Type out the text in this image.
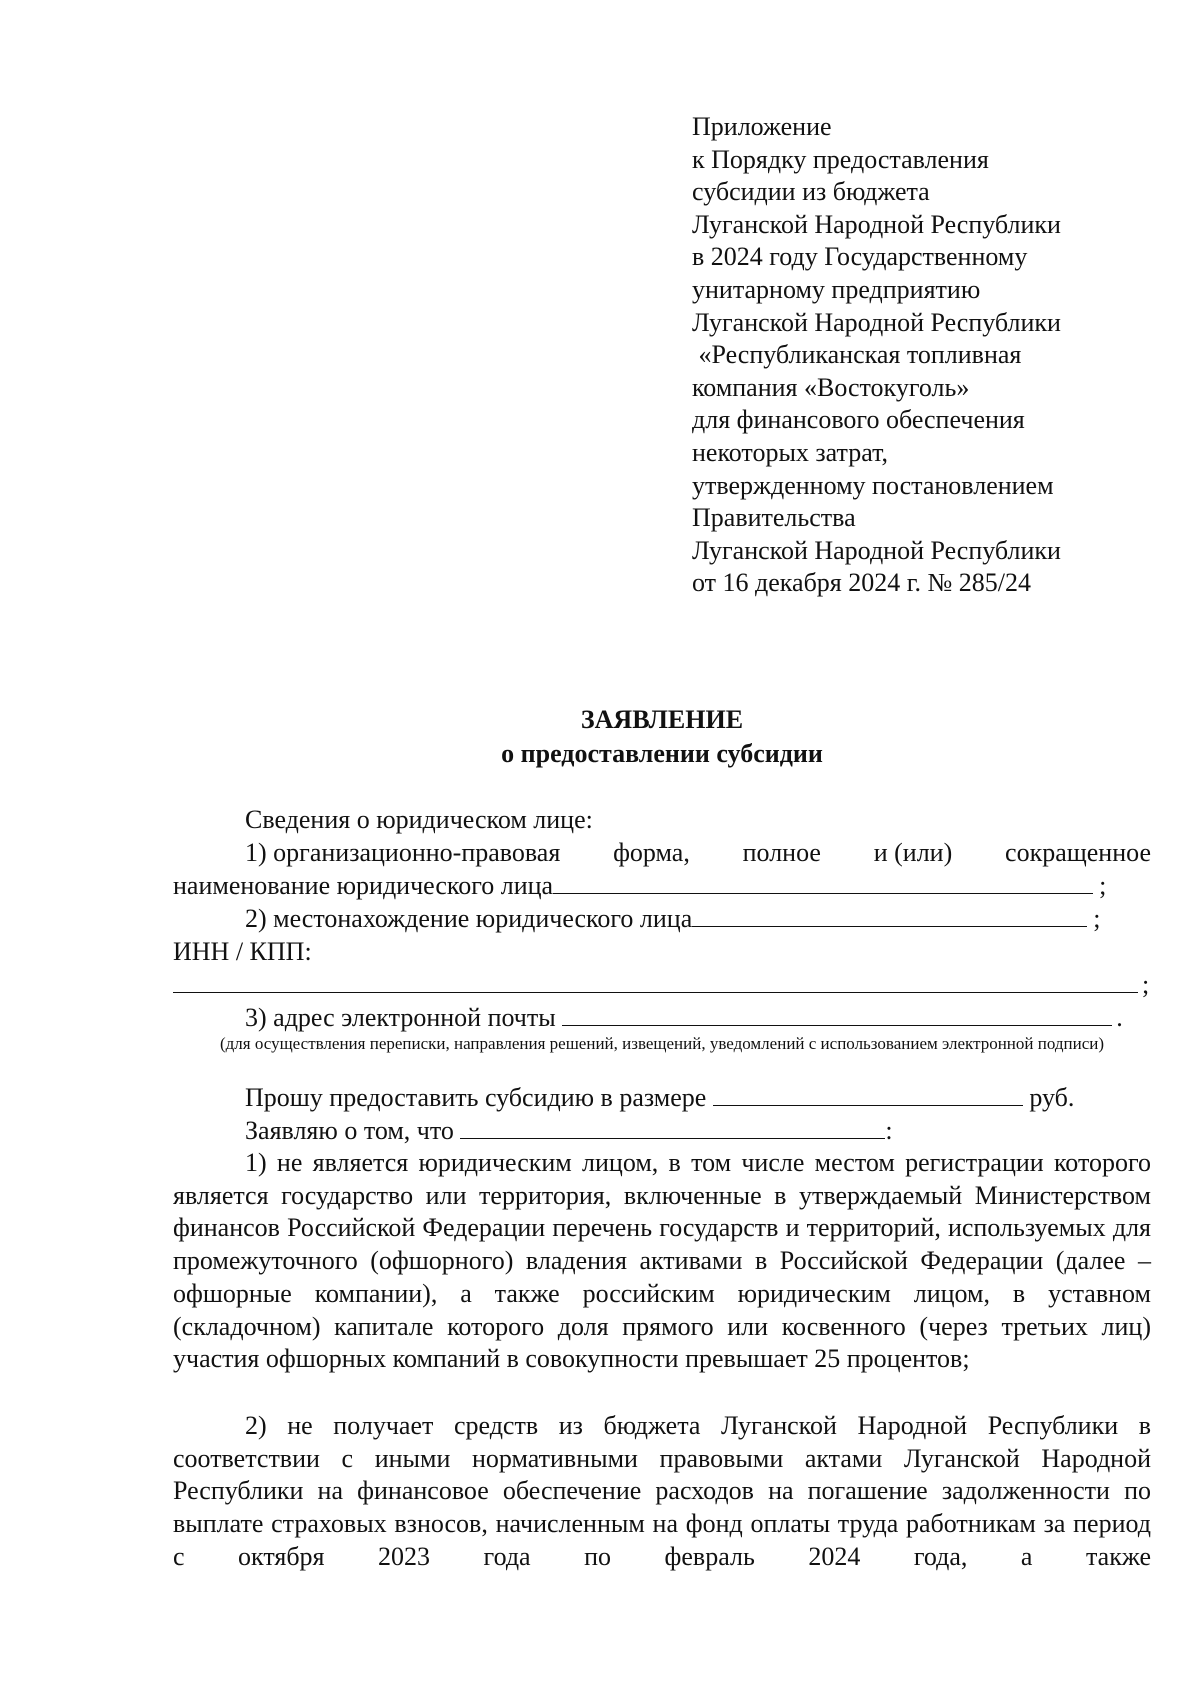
Приложение
к Порядку предоставления
субсидии из бюджета
Луганской Народной Республики
в 2024 году Государственному
унитарному предприятию
Луганской Народной Республики
«Республиканская топливная
компания «Востокуголь»
для финансового обеспечения
некоторых затрат,
утвержденному постановлением
Правительства
Луганской Народной Республики
от 16 декабря 2024 г. № 285/24
ЗАЯВЛЕНИЕ
о предоставлении субсидии
Сведения о юридическом лице:
1) организационно-правовая форма, полное и (или) сокращенное
наименование юридического лица	;
2) местонахождение юридического лица	;
ИНН / КПП:
;
3) адрес электронной почты	.
(для осуществления переписки, направления решений, извещений, уведомлений с использованием электронной подписи)
Прошу предоставить субсидию в размере	руб.
Заявляю о том, что	:
1) не является юридическим лицом, в том числе местом регистрации которого является государство или территория, включенные в утверждаемый Министерством финансов Российской Федерации перечень государств и территорий, используемых для промежуточного (офшорного) владения активами в Российской Федерации (далее – офшорные компании), а также российским юридическим лицом, в уставном (складочном) капитале которого доля прямого или косвенного (через третьих лиц) участия офшорных компаний в совокупности превышает 25 процентов;
2) не получает средств из бюджета Луганской Народной Республики в соответствии с иными нормативными правовыми актами Луганской Народной Республики на финансовое обеспечение расходов на погашение задолженности по выплате страховых взносов, начисленным на фонд оплаты труда работникам за период с октября 2023 года по февраль 2024 года, а также
